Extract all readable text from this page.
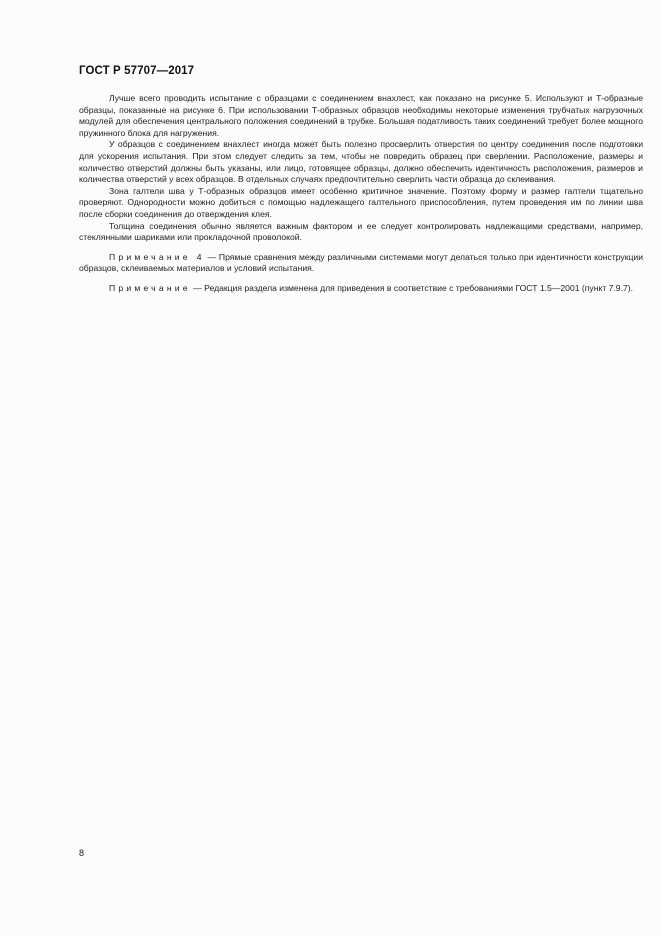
ГОСТ Р 57707—2017

Лучше всего проводить испытание с образцами с соединением внахлест, как показано на рисунке 5. Используют и Т-образные образцы, показанные на рисунке 6. При использовании Т-образных образцов необходимы некоторые изменения трубчатых нагрузочных модулей для обеспечения центрального положения соединений в трубке. Большая податливость таких соединений требует более мощного пружинного блока для нагружения.

У образцов с соединением внахлест иногда может быть полезно просверлить отверстия по центру соединения после подготовки для ускорения испытания. При этом следует следить за тем, чтобы не повредить образец при сверлении. Расположение, размеры и количество отверстий должны быть указаны, или лицо, готовящее образцы, должно обеспечить идентичность расположения, размеров и количества отверстий у всех образцов. В отдельных случаях предпочтительно сверлить части образца до склеивания.

Зона галтели шва у Т-образных образцов имеет особенно критичное значение. Поэтому форму и размер галтели тщательно проверяют. Однородности можно добиться с помощью надлежащего галтельного приспособления, путем проведения им по линии шва после сборки соединения до отверждения клея.

Толщина соединения обычно является важным фактором и ее следует контролировать надлежащими средствами, например, стеклянными шариками или прокладочной проволокой.

Примечание 4 — Прямые сравнения между различными системами могут делаться только при идентичности конструкции образцов, склеиваемых материалов и условий испытания.

Примечание — Редакция раздела изменена для приведения в соответствие с требованиями ГОСТ 1.5—2001 (пункт 7.9.7).

8
